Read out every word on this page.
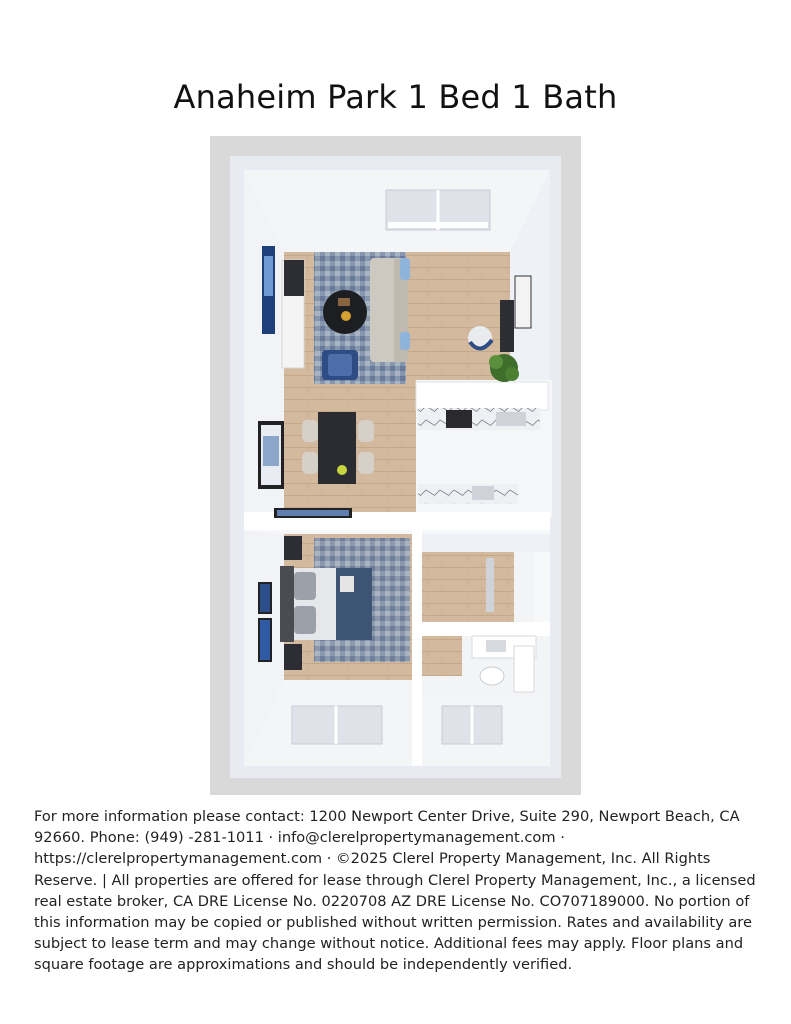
Anaheim Park 1 Bed 1 Bath
For more information please contact: 1200 Newport Center Drive, Suite 290, Newport Beach, CA 92660. Phone: (949) -281-1011 · info@clerelpropertymanagement.com · https://clerelpropertymanagement.com · ©2025 Clerel Property Management, Inc. All Rights Reserve. | All properties are offered for lease through Clerel Property Management, Inc., a licensed real estate broker, CA DRE License No. 0220708 AZ DRE License No. CO707189000. No portion of this information may be copied or published without written permission. Rates and availability are subject to lease term and may change without notice. Additional fees may apply. Floor plans and square footage are approximations and should be independently verified.
